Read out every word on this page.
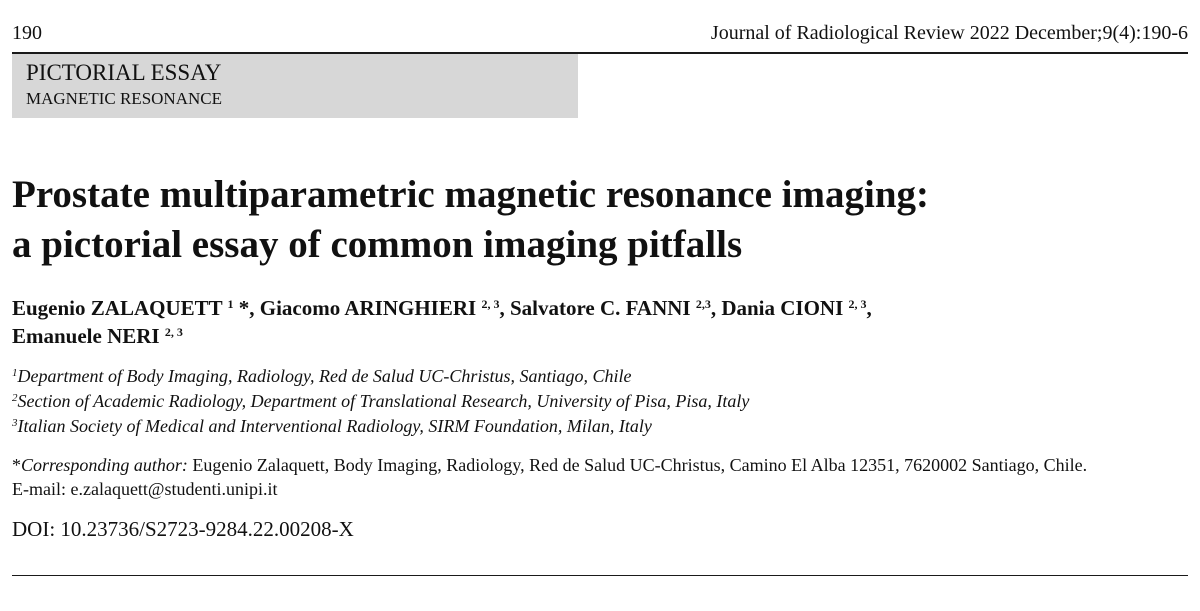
190	Journal of Radiological Review 2022 December;9(4):190-6
PICTORIAL ESSAY
MAGNETIC RESONANCE
Prostate multiparametric magnetic resonance imaging:
a pictorial essay of common imaging pitfalls
Eugenio ZALAQUETT $^1$ *, Giacomo ARINGHIERI $^{2, 3}$, Salvatore C. FANNI $^{2,3}$, Dania CIONI $^{2, 3}$,
Emanuele NERI $^{2, 3}$
$^1$Department of Body Imaging, Radiology, Red de Salud UC-Christus, Santiago, Chile
$^2$Section of Academic Radiology, Department of Translational Research, University of Pisa, Pisa, Italy
$^3$Italian Society of Medical and Interventional Radiology, SIRM Foundation, Milan, Italy
*Corresponding author: Eugenio Zalaquett, Body Imaging, Radiology, Red de Salud UC-Christus, Camino El Alba 12351, 7620002 Santiago, Chile.
E-mail: e.zalaquett@studenti.unipi.it
DOI: 10.23736/S2723-9284.22.00208-X
